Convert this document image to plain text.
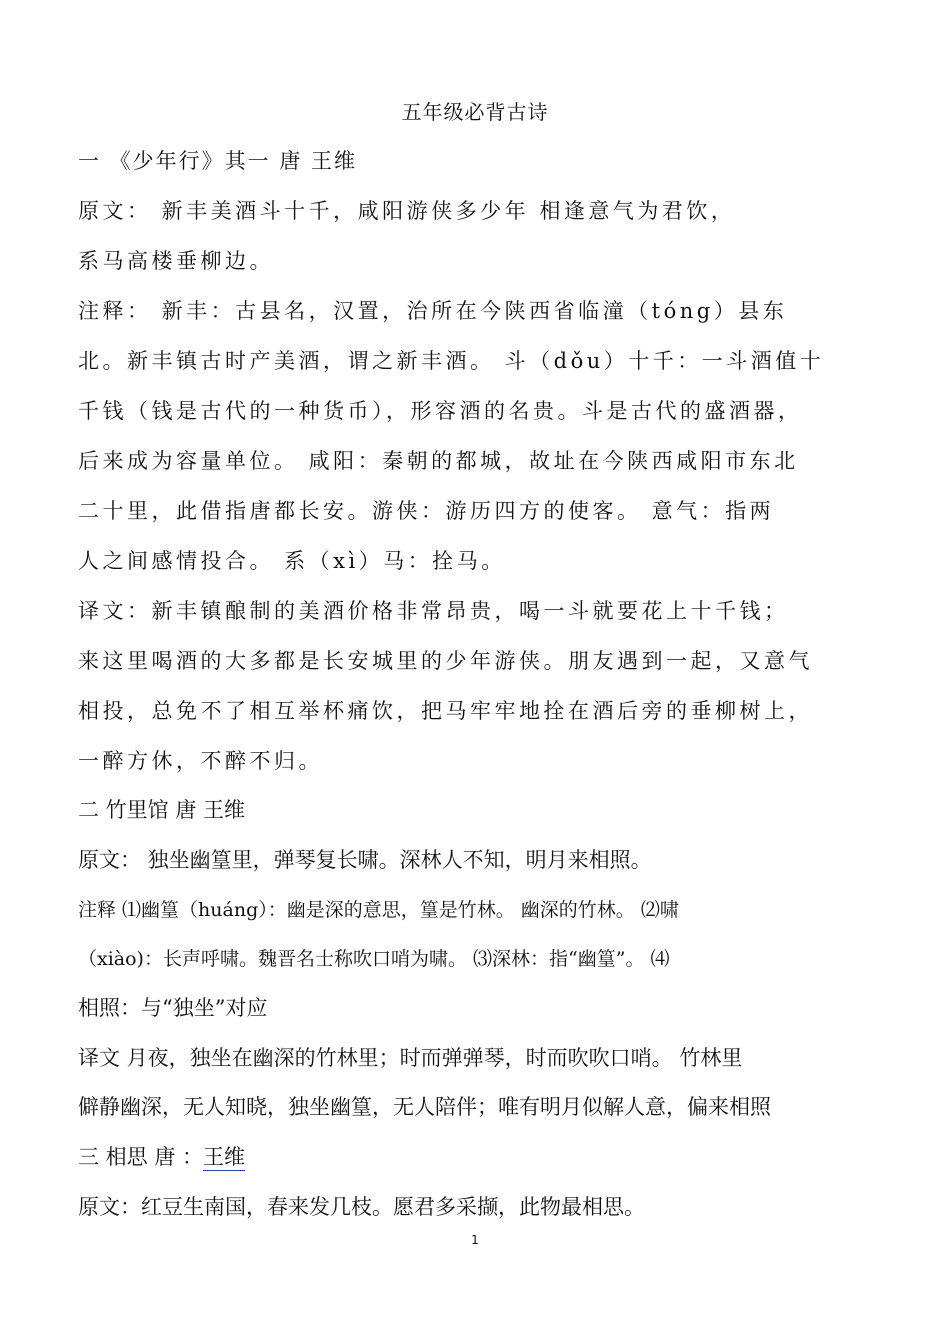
五年级必背古诗
一 《少年行》其一 唐 王维
原文： 新丰美酒斗十千，咸阳游侠多少年 相逢意气为君饮，
系马高楼垂柳边。
注释： 新丰：古县名，汉置，治所在今陕西省临潼（tóng）县东
北。新丰镇古时产美酒，谓之新丰酒。 斗（dǒu）十千：一斗酒值十
千钱（钱是古代的一种货币），形容酒的名贵。斗是古代的盛酒器，
后来成为容量单位。 咸阳：秦朝的都城，故址在今陕西咸阳市东北
二十里，此借指唐都长安。游侠：游历四方的使客。 意气：指两
人之间感情投合。 系（xì）马：拴马。
译文：新丰镇酿制的美酒价格非常昂贵，喝一斗就要花上十千钱；
来这里喝酒的大多都是长安城里的少年游侠。朋友遇到一起，又意气
相投，总免不了相互举杯痛饮，把马牢牢地拴在酒后旁的垂柳树上，
一醉方休，不醉不归。
二 竹里馆 唐 王维
原文： 独坐幽篁里，弹琴复长啸。深林人不知，明月来相照。
注释 ⑴幽篁（huáng）：幽是深的意思，篁是竹林。 幽深的竹林。 ⑵啸
（xiào)：长声呼啸。魏晋名士称吹口哨为啸。 ⑶深林：指“幽篁”。 ⑷
相照：与“独坐”对应
译文 月夜，独坐在幽深的竹林里；时而弹弹琴，时而吹吹口哨。 竹林里
僻静幽深，无人知晓，独坐幽篁，无人陪伴；唯有明月似解人意，偏来相照
三 相思 唐 ：王维
原文：红豆生南国，春来发几枝。愿君多采撷，此物最相思。
1
